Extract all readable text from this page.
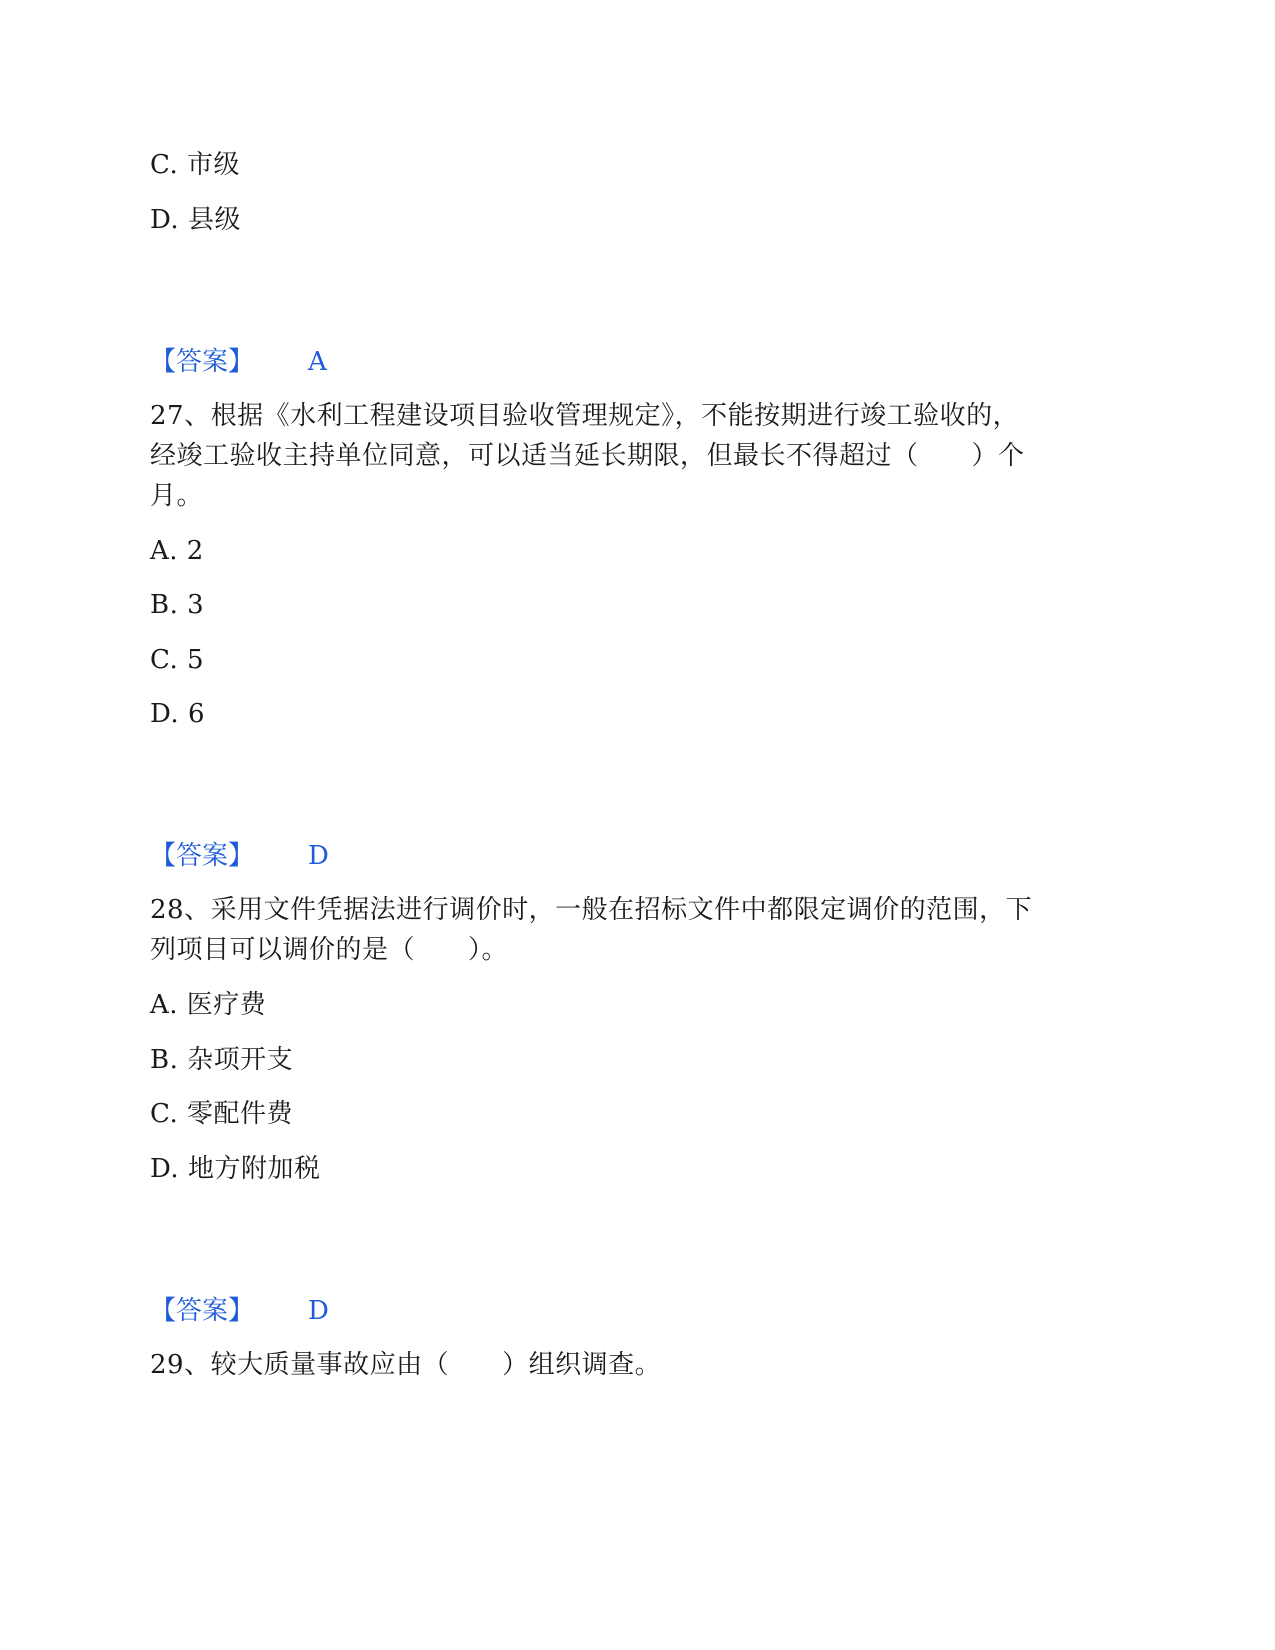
C. 市级
D. 县级
【答案】 A
27、根据《水利工程建设项目验收管理规定》，不能按期进行竣工验收的，
经竣工验收主持单位同意，可以适当延长期限，但最长不得超过（　　）个
月。
A. 2
B. 3
C. 5
D. 6
【答案】 D
28、采用文件凭据法进行调价时，一般在招标文件中都限定调价的范围，下
列项目可以调价的是（　　）。
A. 医疗费
B. 杂项开支
C. 零配件费
D. 地方附加税
【答案】 D
29、较大质量事故应由（　　）组织调查。
